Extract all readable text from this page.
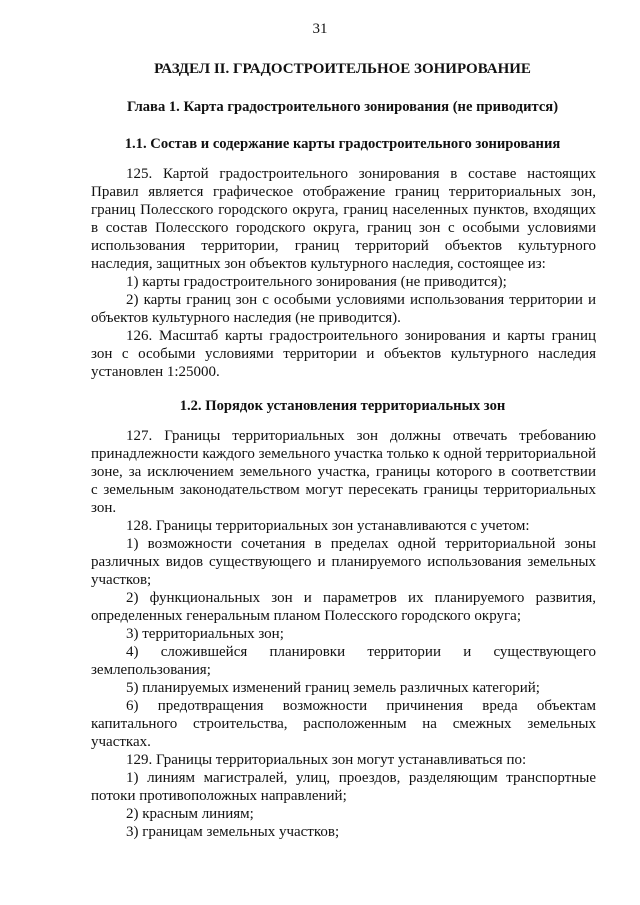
31
РАЗДЕЛ II. ГРАДОСТРОИТЕЛЬНОЕ ЗОНИРОВАНИЕ
Глава 1. Карта градостроительного зонирования (не приводится)
1.1. Состав и содержание карты градостроительного зонирования
125. Картой градостроительного зонирования в составе настоящих
Правил является графическое отображение границ территориальных зон,
границ Полесского городского округа, границ населенных пунктов, входящих
в состав Полесского городского округа, границ зон с особыми условиями
использования территории, границ территорий объектов культурного
наследия, защитных зон объектов культурного наследия, состоящее из:
1) карты градостроительного зонирования (не приводится);
2) карты границ зон с особыми условиями использования территории и
объектов культурного наследия (не приводится).
126. Масштаб карты градостроительного зонирования и карты границ
зон с особыми условиями территории и объектов культурного наследия
установлен 1:25000.
1.2. Порядок установления территориальных зон
127. Границы территориальных зон должны отвечать требованию
принадлежности каждого земельного участка только к одной территориальной
зоне, за исключением земельного участка, границы которого в соответствии
с земельным законодательством могут пересекать границы территориальных
зон.
128. Границы территориальных зон устанавливаются с учетом:
1) возможности сочетания в пределах одной территориальной зоны
различных видов существующего и планируемого использования земельных
участков;
2) функциональных зон и параметров их планируемого развития,
определенных генеральным планом Полесского городского округа;
3) территориальных зон;
4) сложившейся планировки территории и существующего
землепользования;
5) планируемых изменений границ земель различных категорий;
6) предотвращения возможности причинения вреда объектам
капитального строительства, расположенным на смежных земельных
участках.
129. Границы территориальных зон могут устанавливаться по:
1) линиям магистралей, улиц, проездов, разделяющим транспортные
потоки противоположных направлений;
2) красным линиям;
3) границам земельных участков;
